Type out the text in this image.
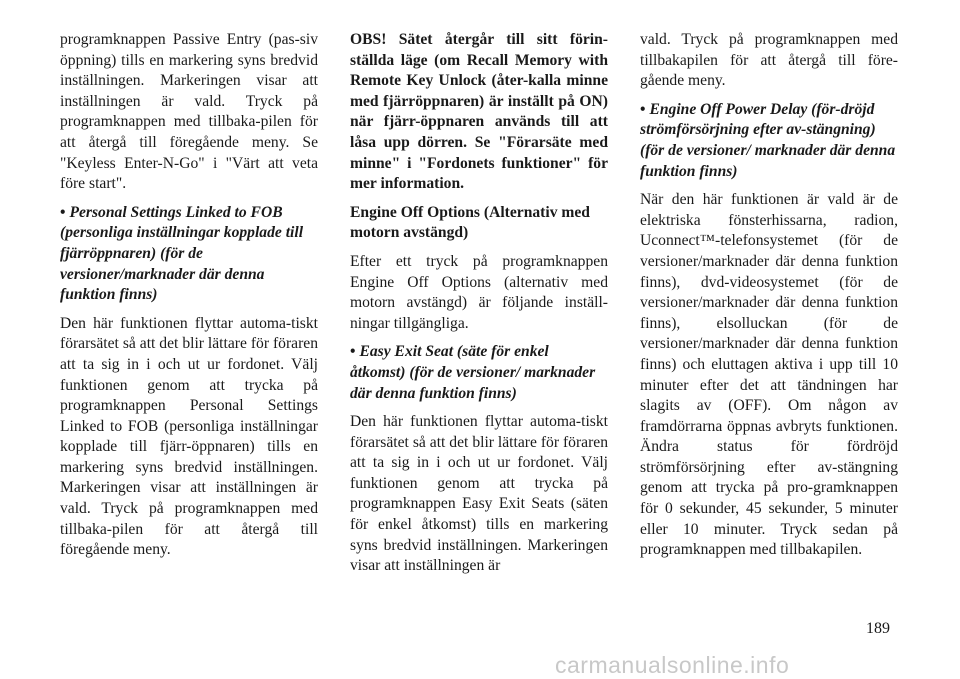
programknappen Passive Entry (pas-siv öppning) tills en markering syns bredvid inställningen. Markeringen visar att inställningen är vald. Tryck på programknappen med tillbaka-pilen för att återgå till föregående meny. Se "Keyless Enter-N-Go" i "Värt att veta före start".

• Personal Settings Linked to FOB (personliga inställningar kopplade till fjärröppnaren) (för de versioner/marknader där denna funktion finns)

Den här funktionen flyttar automa-tiskt förarsätet så att det blir lättare för föraren att ta sig in i och ut ur fordonet. Välj funktionen genom att trycka på programknappen Personal Settings Linked to FOB (personliga inställningar kopplade till fjärr-öppnaren) tills en markering syns bredvid inställningen. Markeringen visar att inställningen är vald. Tryck på programknappen med tillbaka-pilen för att återgå till föregående meny.

OBS! Sätet återgår till sitt förin-ställda läge (om Recall Memory with Remote Key Unlock (åter-kalla minne med fjärröppnaren) är inställt på ON) när fjärr-öppnaren används till att låsa upp dörren. Se "Förarsäte med minne" i "Fordonets funktioner" för mer information.

Engine Off Options (Alternativ med motorn avstängd)

Efter ett tryck på programknappen Engine Off Options (alternativ med motorn avstängd) är följande inställ-ningar tillgängliga.

• Easy Exit Seat (säte för enkel åtkomst) (för de versioner/ marknader där denna funktion finns)

Den här funktionen flyttar automa-tiskt förarsätet så att det blir lättare för föraren att ta sig in i och ut ur fordonet. Välj funktionen genom att trycka på programknappen Easy Exit Seats (säten för enkel åtkomst) tills en markering syns bredvid inställningen. Markeringen visar att inställningen är

vald. Tryck på programknappen med tillbakapilen för att återgå till före-gående meny.

• Engine Off Power Delay (för-dröjd strömförsörjning efter av-stängning) (för de versioner/ marknader där denna funktion finns)

När den här funktionen är vald är de elektriska fönsterhissarna, radion, Uconnect™-telefonsystemet (för de versioner/marknader där denna funktion finns), dvd-videosystemet (för de versioner/marknader där denna funktion finns), elsolluckan (för de versioner/marknader där denna funktion finns) och eluttagen aktiva i upp till 10 minuter efter det att tändningen har slagits av (OFF). Om någon av framdörrarna öppnas avbryts funktionen. Ändra status för fördröjd strömförsörjning efter av-stängning genom att trycka på pro-gramknappen för 0 sekunder, 45 sekunder, 5 minuter eller 10 minuter. Tryck sedan på programknappen med tillbakapilen.

189
carmanualsonline.info
